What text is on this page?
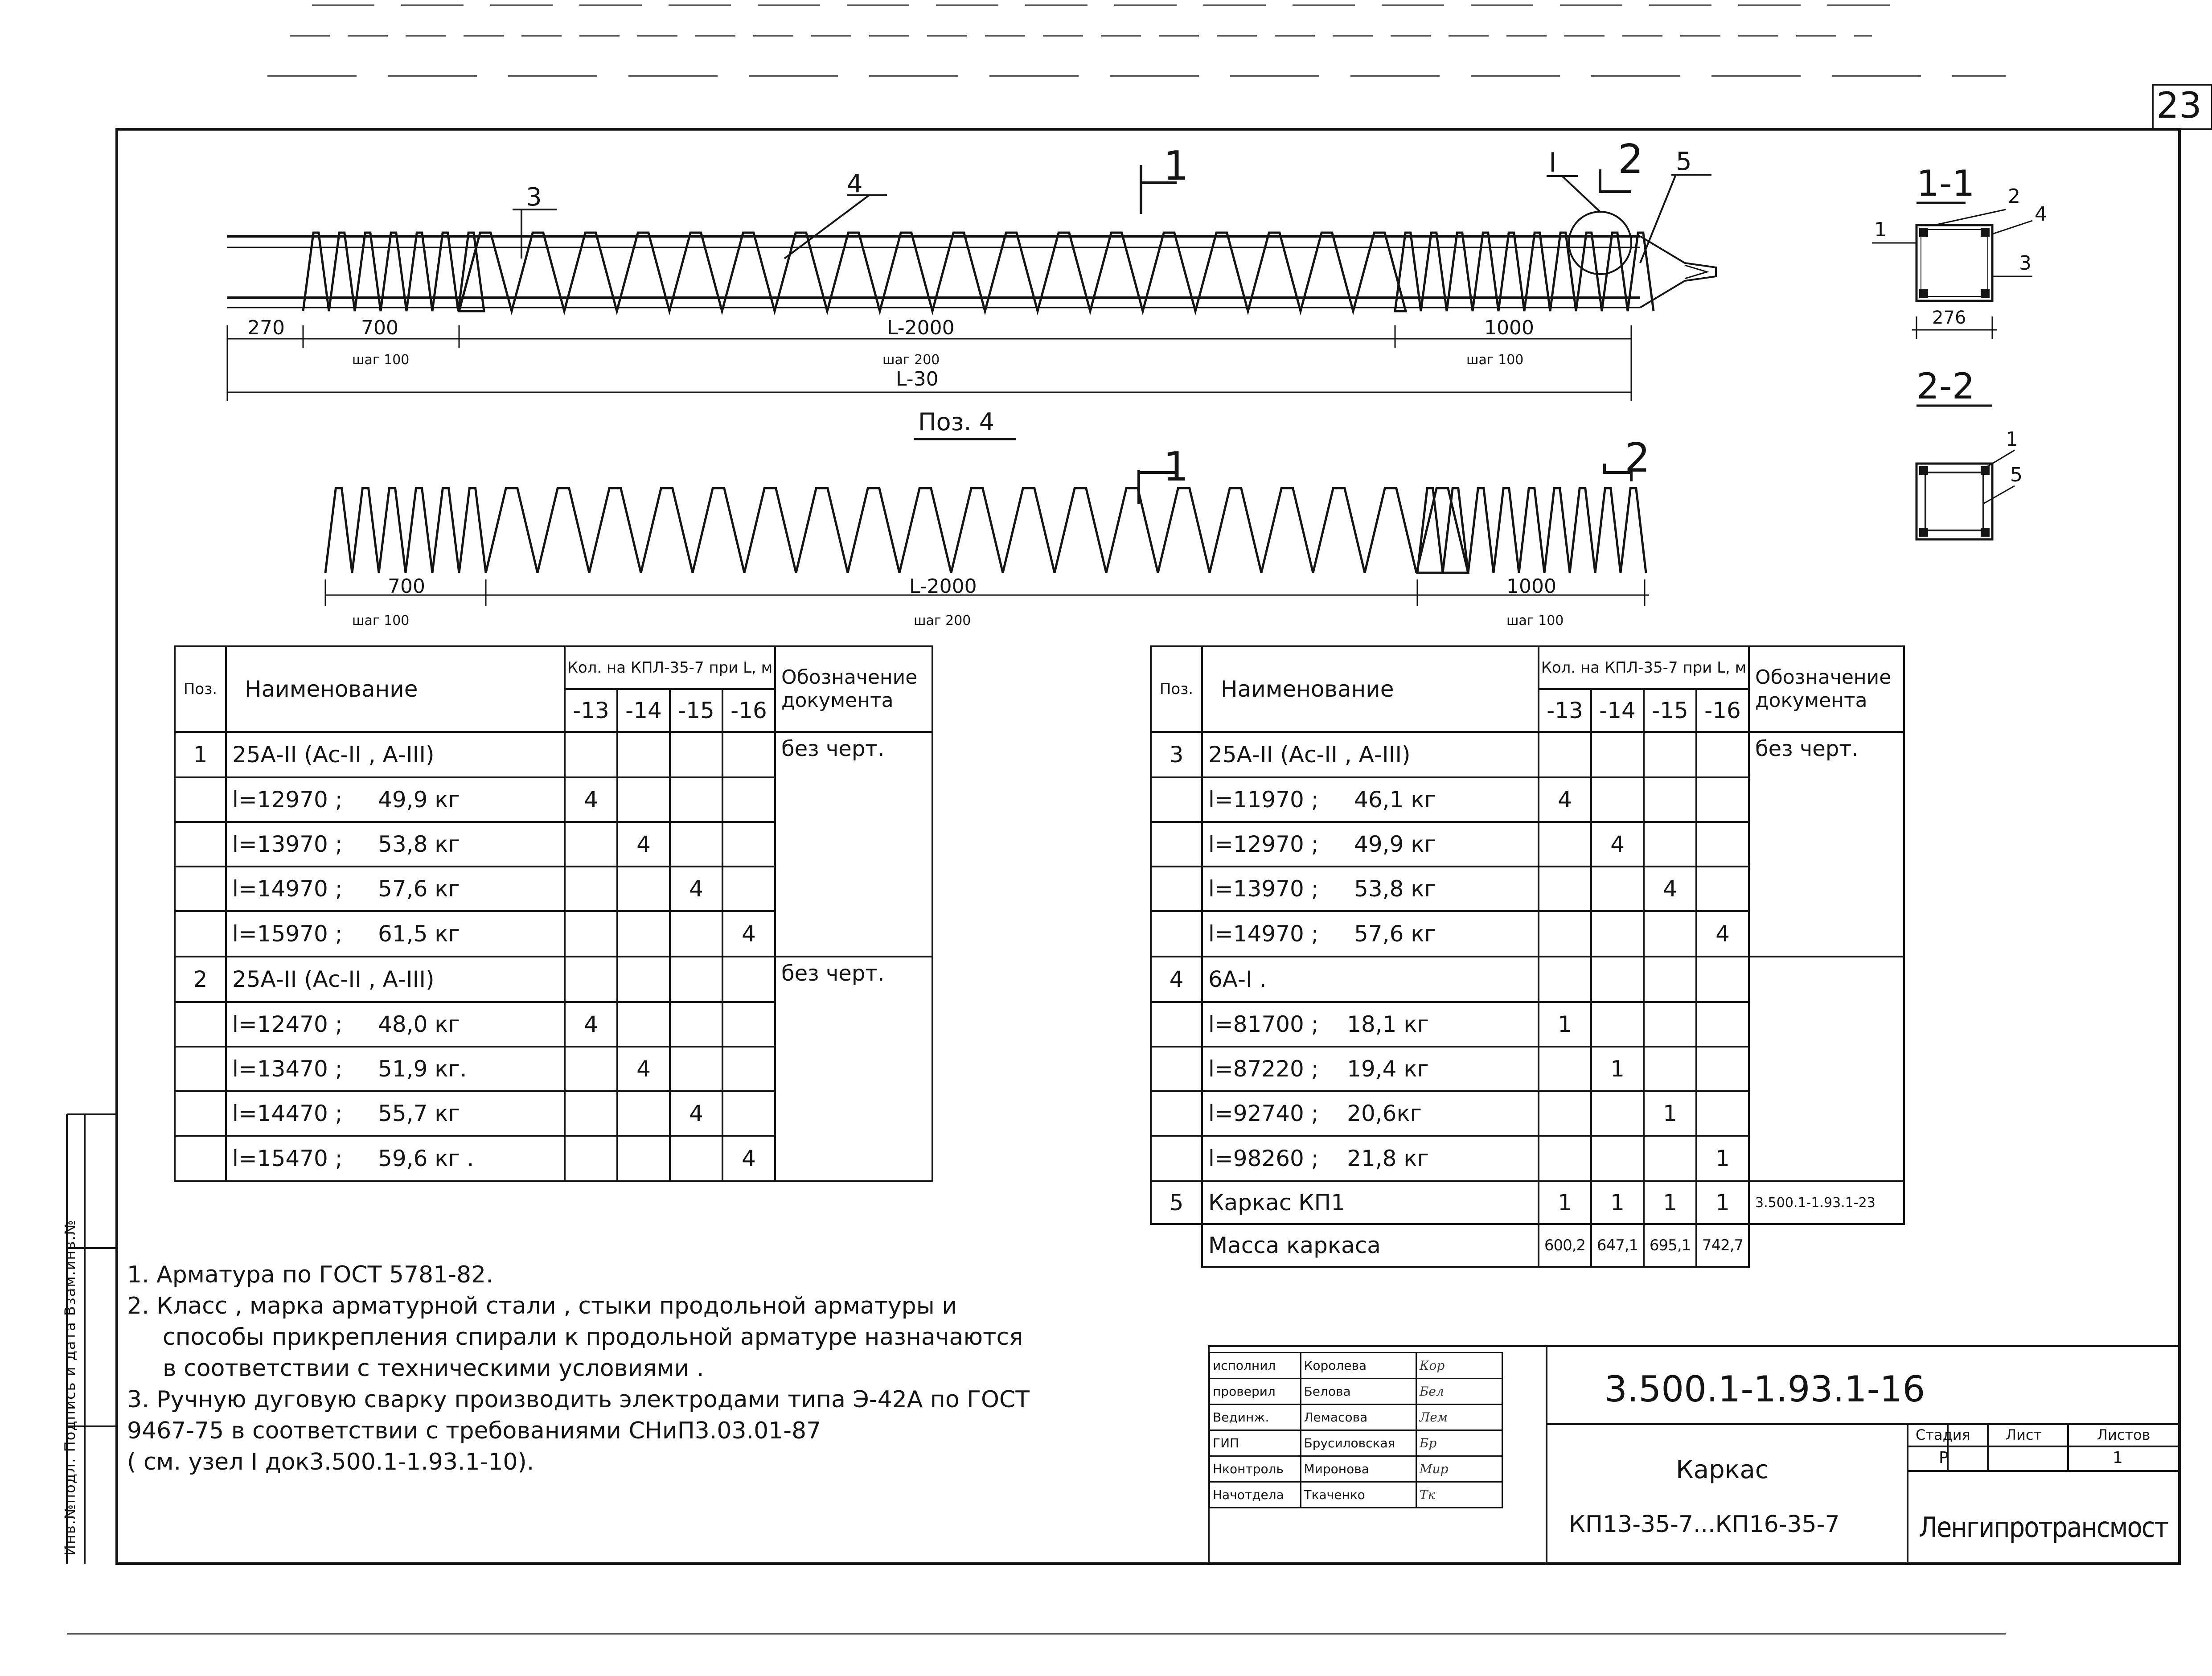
23
Инв.№подл. Подпись и дата Взам.инв.№
1	I 2
3	4
5
270	700	L-2000	1000
шаг 100	шаг 200	шаг 100
L-30
1-1
276
1
2
4
3
2-2
1
5
Поз. 4
1	2
700	L-2000	1000
шаг 100	шаг 200	шаг 100
Поз.	Наименование	Кол. на КПЛ-35-7 при L, м				Обозначение документа
		-13	-14	-15	-16	
1	25А-II (Ас-II , А-III)					без черт.
	l=12970 ;     49,9 кг	4				
	l=13970 ;     53,8 кг		4			
	l=14970 ;     57,6 кг			4		
	l=15970 ;     61,5 кг				4	
2	25А-II (Ас-II , А-III)					без черт.
	l=12470 ;     48,0 кг	4				
	l=13470 ;     51,9 кг.		4			
	l=14470 ;     55,7 кг			4		
	l=15470 ;     59,6 кг .				4	
Поз.	Наименование	Кол. на КПЛ-35-7 при L, м				Обозначение документа
		-13	-14	-15	-16	
3	25А-II (Ас-II , А-III)					без черт.
	l=11970 ;     46,1 кг	4				
	l=12970 ;     49,9 кг		4			
	l=13970 ;     53,8 кг			4		
	l=14970 ;     57,6 кг				4	
4	6А-I .					
	l=81700 ;    18,1 кг	1				
	l=87220 ;    19,4 кг		1			
	l=92740 ;    20,6кг			1		
	l=98260 ;    21,8 кг				1	
5	Каркас КП1	1	1	1	1	3.500.1-1.93.1-23
	Масса каркаса	600,2	647,1	695,1	742,7	
1. Арматура по ГОСТ 5781-82.
2. Класс , марка арматурной стали , стыки продольной арматуры и
способы прикрепления спирали к продольной арматуре назначаются
в соответствии с техническими условиями .
3. Ручную дуговую сварку производить электродами типа Э-42А по ГОСТ
9467-75 в соответствии с требованиями СНиП3.03.01-87
( см. узел I док3.500.1-1.93.1-10).
исполнил	Королева	Кор
проверил	Белова	Бел
Вединж.	Лемасова	Лем
ГИП	Брусиловская	Бр
Нконтроль	Миронова	Мир
Начотдела	Ткаченко	Тк
3.500.1-1.93.1-16
Каркас
КП13-35-7...КП16-35-7
Стадия Лист	Листов
Р	1
Ленгипротрансмост
